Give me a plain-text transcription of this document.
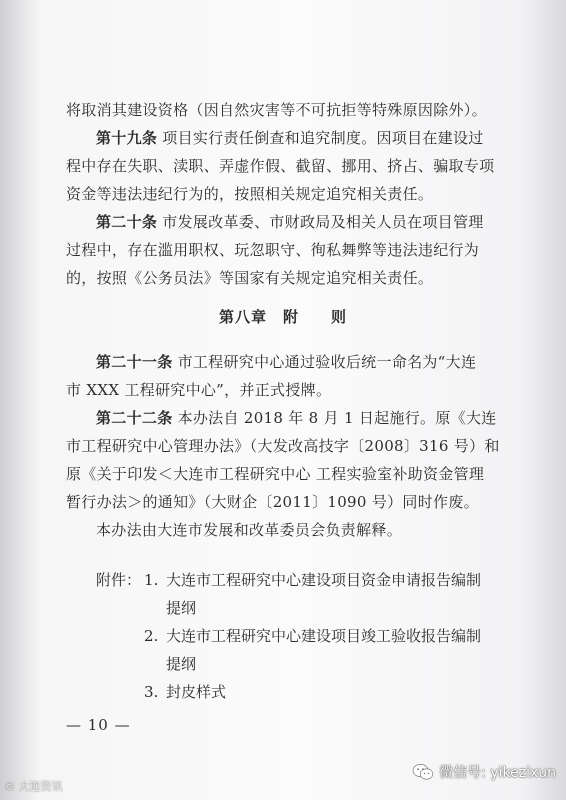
将取消其建设资格（因自然灾害等不可抗拒等特殊原因除外）。
第十九条 项目实行责任倒查和追究制度。因项目在建设过
程中存在失职、渎职、弄虚作假、截留、挪用、挤占、骗取专项
资金等违法违纪行为的，按照相关规定追究相关责任。
第二十条 市发展改革委、市财政局及相关人员在项目管理
过程中，存在滥用职权、玩忽职守、徇私舞弊等违法违纪行为
的，按照《公务员法》等国家有关规定追究相关责任。
第八章　附　　则
第二十一条 市工程研究中心通过验收后统一命名为“大连
市 XXX 工程研究中心”，并正式授牌。
第二十二条 本办法自 2018 年 8 月 1 日起施行。原《大连
市工程研究中心管理办法》（大发改高技字〔2008〕316 号）和
原《关于印发＜大连市工程研究中心 工程实验室补助资金管理
暂行办法＞的通知》（大财企〔2011〕1090 号）同时作废。
本办法由大连市发展和改革委员会负责解释。
附件： 1. 大连市工程研究中心建设项目资金申请报告编制
提纲
2. 大连市工程研究中心建设项目竣工验收报告编制
提纲
3. 封皮样式
— 10 —
© 大连资讯
微信号: yikezixun
